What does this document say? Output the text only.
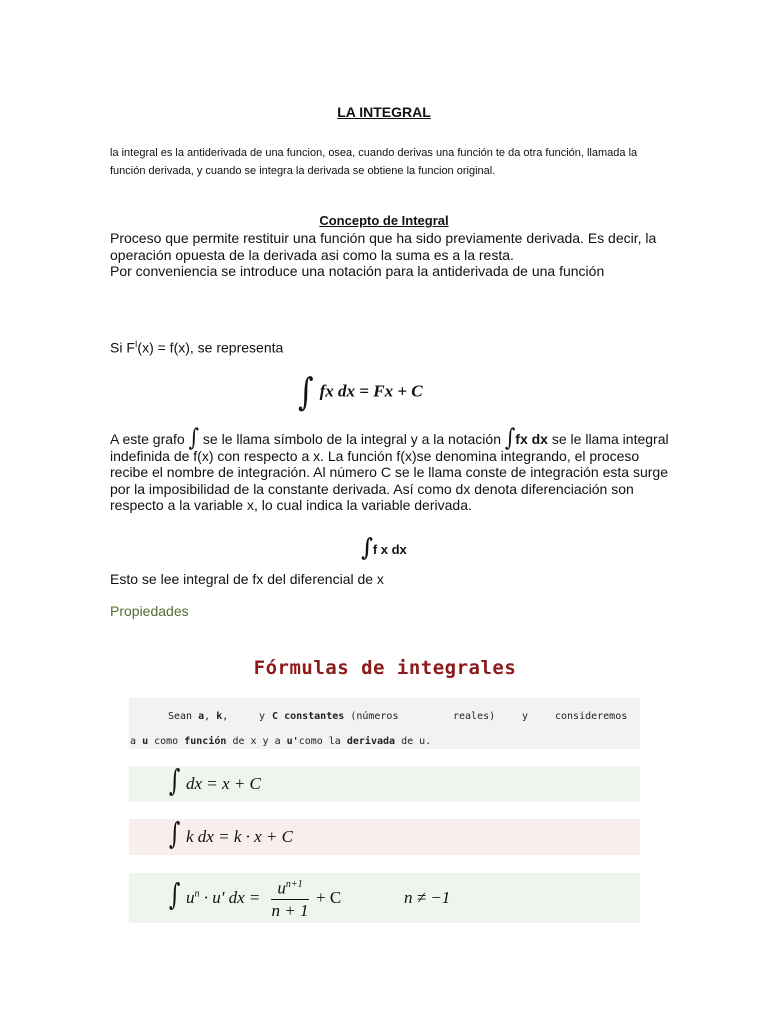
LA INTEGRAL
la integral es la antiderivada de una funcion, osea, cuando derivas una función te da otra función, llamada la función derivada, y cuando se integra la derivada se obtiene la funcion original.
Concepto de Integral
Proceso que permite restituir una función que ha sido previamente derivada. Es decir, la operación opuesta de la derivada asi como la suma es a la resta.
Por conveniencia se introduce una notación para la antiderivada de una función
Si $F^I(x) = f(x)$, se representa
∫ fx dx = Fx + C
A este grafo ∫ se le llama símbolo de la integral y a la notación ∫fx dx se le llama integral indefinida de f(x) con respecto a x. La función f(x)se denomina integrando, el proceso recibe el nombre de integración. Al número C se le llama conste de integración esta surge por la imposibilidad de la constante derivada. Así como dx denota diferenciación son respecto a la variable x, lo cual indica la variable derivada.
∫f x dx
Esto se lee integral de fx del diferencial de x
Propiedades
Fórmulas de integrales
Sean a, k,	y C constantes (números	reales)	y	consideremos
a u como función de x y a u'como la derivada de u.
∫ dx = x + C
∫ k dx = k · x + C
∫ $u^n \cdot u'$ dx = $u^{n+1}$
n + 1
+ C	n ≠ −1
